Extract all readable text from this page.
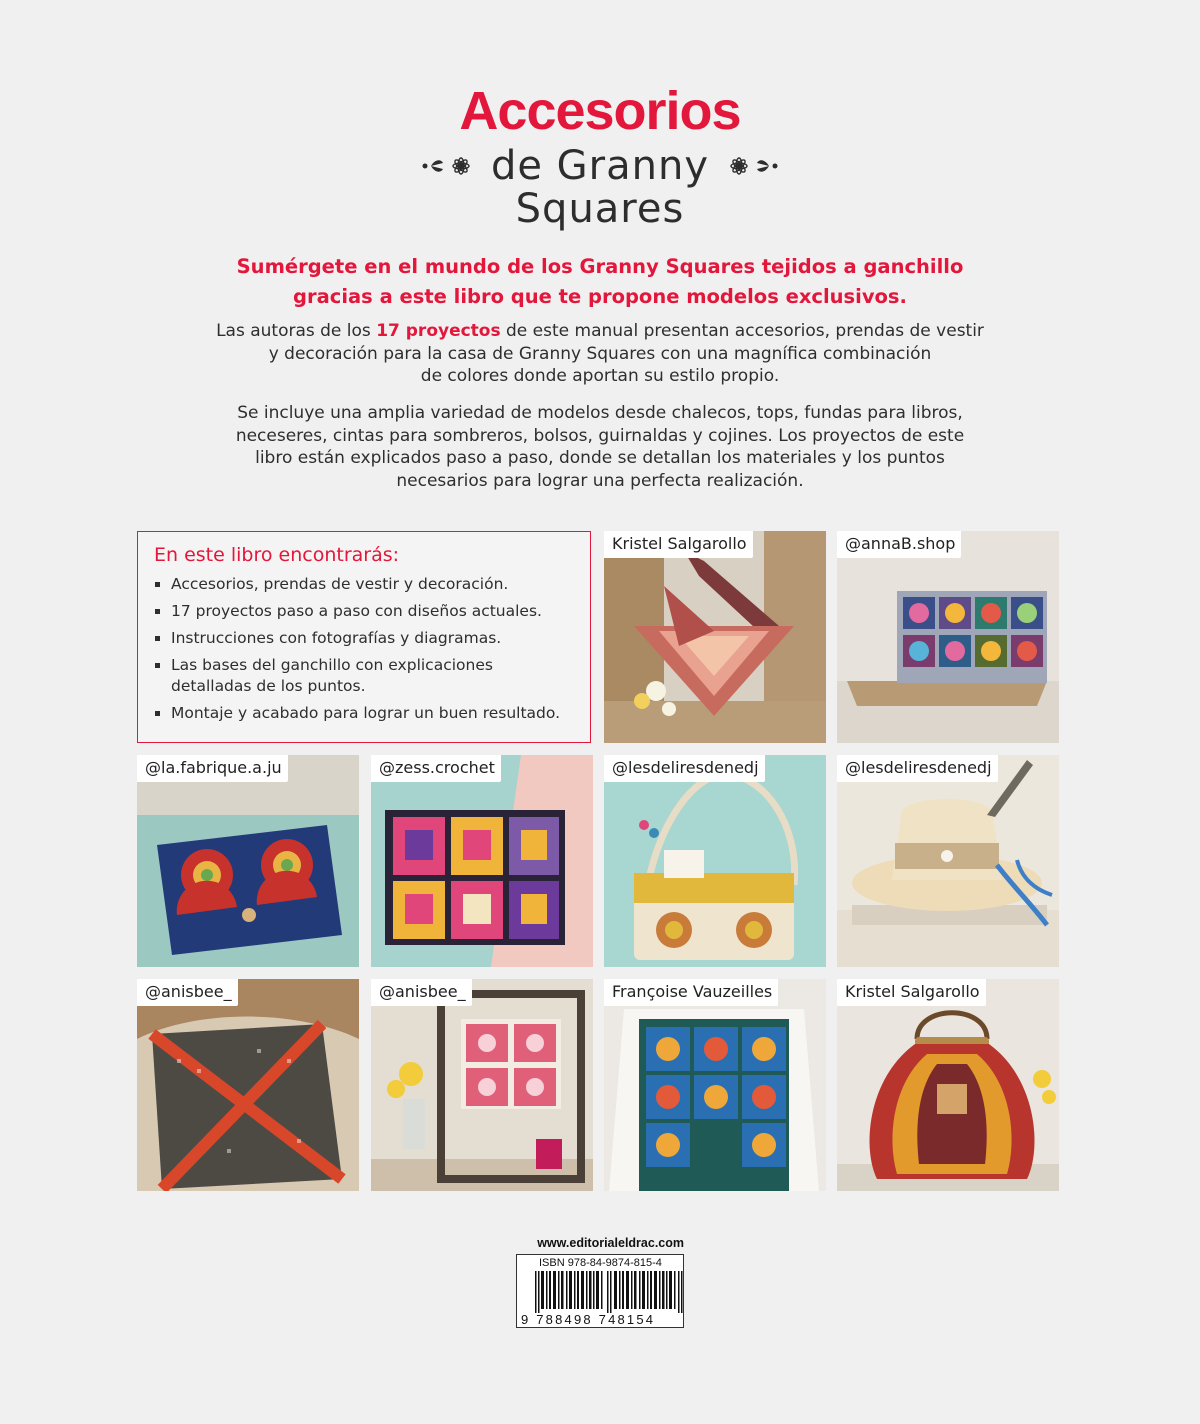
Accesorios
de Granny
Squares
Sumérgete en el mundo de los Granny Squares tejidos a ganchillo
gracias a este libro que te propone modelos exclusivos.
Las autoras de los 17 proyectos de este manual presentan accesorios, prendas de vestir
y decoración para la casa de Granny Squares con una magnífica combinación
de colores donde aportan su estilo propio.
Se incluye una amplia variedad de modelos desde chalecos, tops, fundas para libros,
neceseres, cintas para sombreros, bolsos, guirnaldas y cojines. Los proyectos de este
libro están explicados paso a paso, donde se detallan los materiales y los puntos
necesarios para lograr una perfecta realización.
En este libro encontrarás:
Accesorios, prendas de vestir y decoración.
17 proyectos paso a paso con diseños actuales.
Instrucciones con fotografías y diagramas.
Las bases del ganchillo con explicaciones detalladas de los puntos.
Montaje y acabado para lograr un buen resultado.
Kristel Salgarollo	@annaB.shop
@la.fabrique.a.ju	@zess.crochet	@lesdelires​denedj	@lesdelires​denedj
@anisbee_	@anisbee_	Françoise Vauzeilles	Kristel Salgarollo
www.editorialeldrac.com
ISBN 978-84-9874-815-4
9 788498 748154
